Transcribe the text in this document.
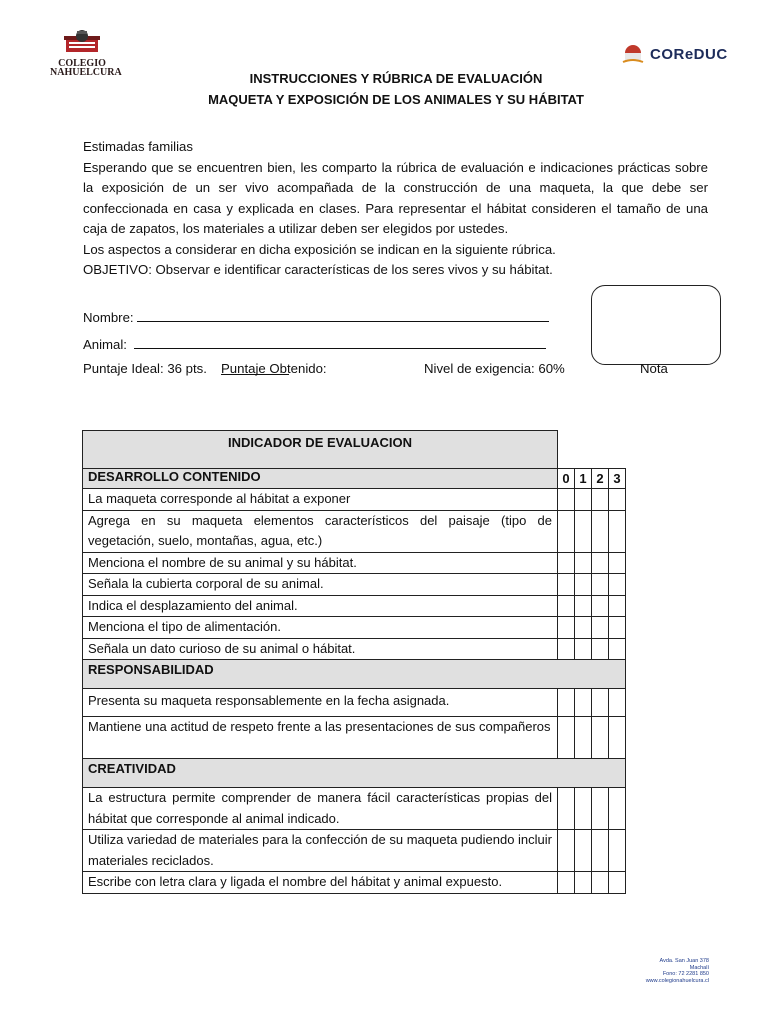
COLEGIO
NAHUELCURA
COReDUC
INSTRUCCIONES Y RÚBRICA DE EVALUACIÓN
MAQUETA Y EXPOSICIÓN DE LOS ANIMALES Y SU HÁBITAT

Estimadas familias

Esperando que se encuentren bien, les comparto la rúbrica de evaluación e indicaciones prácticas sobre la exposición de un ser vivo acompañada de la construcción de una maqueta, la que debe ser confeccionada en casa y explicada en clases. Para representar el hábitat consideren el tamaño de una caja de zapatos, los materiales a utilizar deben ser elegidos por ustedes.

Los aspectos a considerar en dicha exposición se indican en la siguiente rúbrica.

OBJETIVO: Observar e identificar características de los seres vivos y su hábitat.

Nombre:
Animal:
Puntaje Ideal: 36 pts. Puntaje Obtenido:	Nivel de exigencia: 60%	Nota
INDICADOR DE EVALUACION				
DESARROLLO CONTENIDO	0	1	2	3
La maqueta corresponde al hábitat a exponer				
Agrega en su maqueta elementos característicos del paisaje (tipo de vegetación, suelo, montañas, agua, etc.)				
Menciona el nombre de su animal y su hábitat.				
Señala la cubierta corporal de su animal.				
Indica el desplazamiento del animal.				
Menciona el tipo de alimentación.				
Señala un dato curioso de su animal o hábitat.				
RESPONSABILIDAD				
Presenta su maqueta responsablemente en la fecha asignada.				
Mantiene una actitud de respeto frente a las presentaciones de sus compañeros				
CREATIVIDAD				
La estructura permite comprender de manera fácil características propias del hábitat que corresponde al animal indicado.				
Utiliza variedad de materiales para la confección de su maqueta pudiendo incluir materiales reciclados.				
Escribe con letra clara y ligada el nombre del hábitat y animal expuesto.				
Avda. San Juan 378
Machalí
Fono: 72 2281 850
www.colegionahuelcura.cl
